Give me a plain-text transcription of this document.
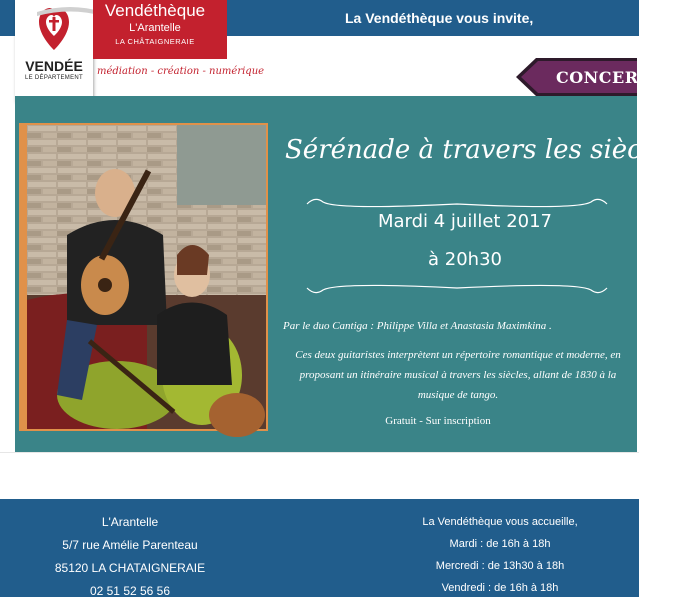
La Vendéthèque vous invite,
VENDÉE
LE DÉPARTEMENT
Vendéthèque
L'Arantelle
LA CHÂTAIGNERAIE
médiation - création - numérique	CONCERT
Sérénade à travers les siècles
Mardi 4 juillet 2017
à 20h30
Par le duo Cantiga : Philippe Villa et Anastasia Maximkina .
Ces deux guitaristes interprètent un répertoire romantique et moderne, en proposant un itinéraire musical à travers les siècles, allant de 1830 à la musique de tango.
Gratuit - Sur inscription
L'Arantelle
5/7 rue Amélie Parenteau
85120 LA CHATAIGNERAIE
02 51 52 56 56
La Vendéthèque vous accueille,
Mardi : de 16h à 18h
Mercredi : de 13h30 à 18h
Vendredi : de 16h à 18h
